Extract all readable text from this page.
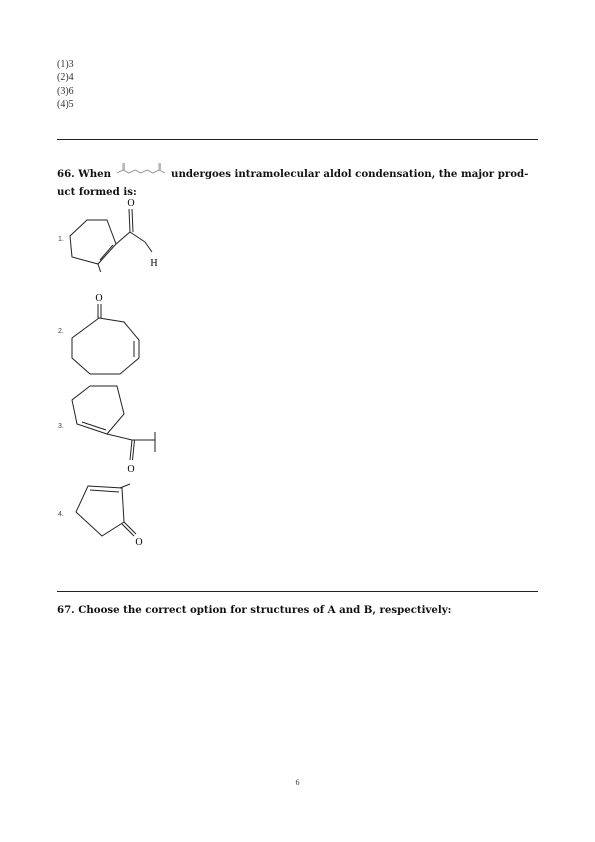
(1)3
(2)4
(3)6
(4)5
66.
When	undergoes intramolecular aldol condensation, the major prod-
uct formed is:
1.
O
H
2.
O
3.
O
4.
O
67. Choose the correct option for structures of A and B, respectively:
6
